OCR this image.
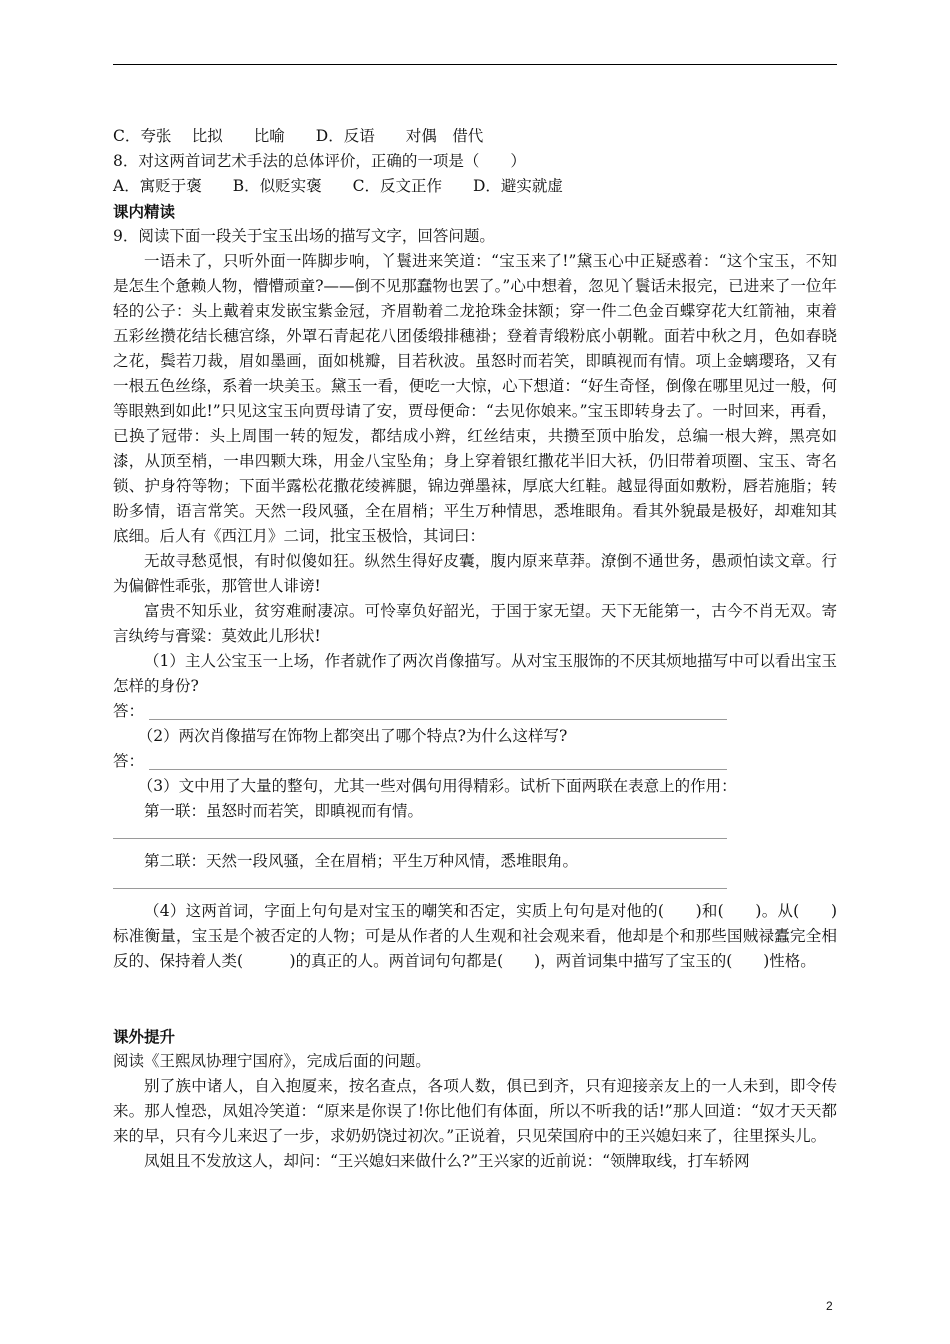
C．夸张　 比拟　　比喻　　D．反语　　对偶　借代

8．对这两首词艺术手法的总体评价，正确的一项是（　　）

A．寓贬于褒　　B．似贬实褒　　C．反文正作　　D．避实就虚

课内精读

9．阅读下面一段关于宝玉出场的描写文字，回答问题。

一语未了，只听外面一阵脚步响，丫鬟进来笑道：“宝玉来了!”黛玉心中正疑惑着：“这个宝玉，不知是怎生个惫赖人物，懵懵顽童?——倒不见那蠢物也罢了。”心中想着，忽见丫鬟话未报完，已进来了一位年轻的公子：头上戴着束发嵌宝紫金冠，齐眉勒着二龙抢珠金抹额；穿一件二色金百蝶穿花大红箭袖，束着五彩丝攒花结长穗宫绦，外罩石青起花八团倭缎排穗褂；登着青缎粉底小朝靴。面若中秋之月，色如春晓之花，鬓若刀裁，眉如墨画，面如桃瓣，目若秋波。虽怒时而若笑，即瞋视而有情。项上金螭璎珞，又有一根五色丝绦，系着一块美玉。黛玉一看，便吃一大惊，心下想道：“好生奇怪，倒像在哪里见过一般，何等眼熟到如此!”只见这宝玉向贾母请了安，贾母便命：“去见你娘来。”宝玉即转身去了。一时回来，再看，已换了冠带：头上周围一转的短发，都结成小辫，红丝结束，共攒至顶中胎发，总编一根大辫，黑亮如漆，从顶至梢，一串四颗大珠，用金八宝坠角；身上穿着银红撒花半旧大袄，仍旧带着项圈、宝玉、寄名锁、护身符等物；下面半露松花撒花绫裤腿，锦边弹墨袜，厚底大红鞋。越显得面如敷粉，唇若施脂；转盼多情，语言常笑。天然一段风骚，全在眉梢；平生万种情思，悉堆眼角。看其外貌最是极好，却难知其底细。后人有《西江月》二词，批宝玉极恰，其词曰：

无故寻愁觅恨，有时似傻如狂。纵然生得好皮囊，腹内原来草莽。潦倒不通世务，愚顽怕读文章。行为偏僻性乖张，那管世人诽谤!

富贵不知乐业，贫穷难耐凄凉。可怜辜负好韶光，于国于家无望。天下无能第一，古今不肖无双。寄言纨绔与膏粱：莫效此儿形状!

（1）主人公宝玉一上场，作者就作了两次肖像描写。从对宝玉服饰的不厌其烦地描写中可以看出宝玉怎样的身份?

答：

（2）两次肖像描写在饰物上都突出了哪个特点?为什么这样写?

答：

（3）文中用了大量的整句，尤其一些对偶句用得精彩。试析下面两联在表意上的作用：

第一联：虽怒时而若笑，即瞋视而有情。

第二联：天然一段风骚，全在眉梢；平生万种风情，悉堆眼角。

（4）这两首词，字面上句句是对宝玉的嘲笑和否定，实质上句句是对他的(　　)和(　　)。从(　　)标准衡量，宝玉是个被否定的人物；可是从作者的人生观和社会观来看，他却是个和那些国贼禄蠹完全相反的、保持着人类(　　　)的真正的人。两首词句句都是(　　)，两首词集中描写了宝玉的(　　)性格。

课外提升

阅读《王熙凤协理宁国府》，完成后面的问题。

别了族中诸人，自入抱厦来，按名查点，各项人数，俱已到齐，只有迎接亲友上的一人未到，即令传来。那人惶恐，凤姐冷笑道：“原来是你误了!你比他们有体面，所以不听我的话!”那人回道：“奴才天天都来的早，只有今儿来迟了一步，求奶奶饶过初次。”正说着，只见荣国府中的王兴媳妇来了，往里探头儿。

凤姐且不发放这人，却问：“王兴媳妇来做什么?”王兴家的近前说：“领牌取线，打车轿网

2
